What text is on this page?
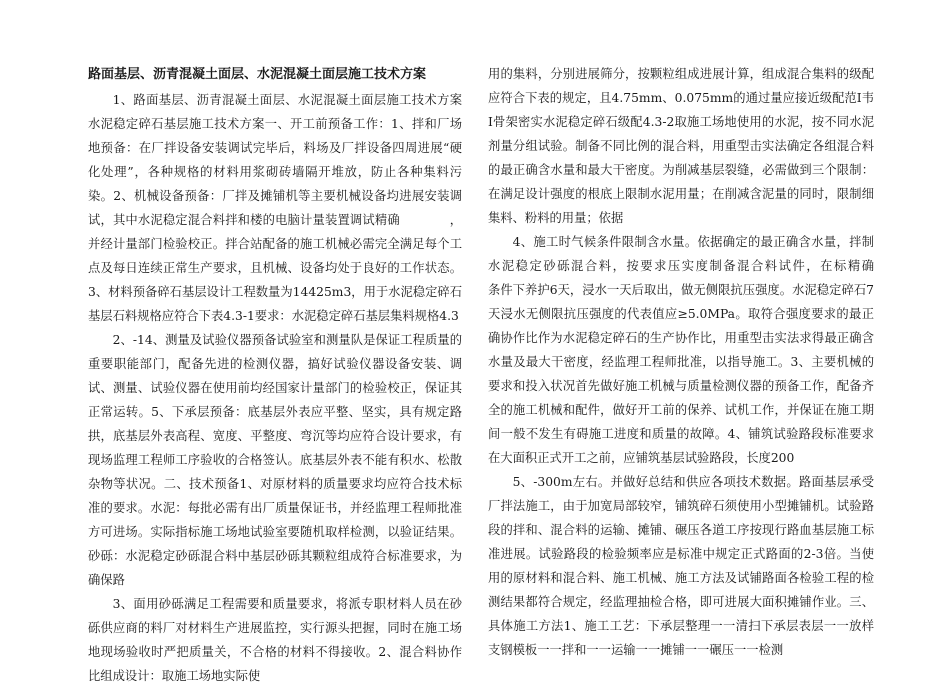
路面基层、沥青混凝土面层、水泥混凝土面层施工技术方案

1、路面基层、沥青混凝土面层、水泥混凝土面层施工技术方案水泥稳定碎石基层施工技术方案一、开工前预备工作：1、拌和厂场地预备：在厂拌设备安装调试完毕后，料场及厂拌设备四周进展“硬化处理”，各种规格的材料用浆砌砖墙隔开堆放，防止各种集料污染。2、机械设备预备：厂拌及摊铺机等主要机械设备均进展安装调试，其中水泥稳定混合料拌和楼的电脑计量装置调试精确　　　　，并经计量部门检验校正。拌合站配备的施工机械必需完全满足每个工点及每日连续正常生产要求，且机械、设备均处于良好的工作状态。3、材料预备碎石基层设计工程数量为14425m3，用于水泥稳定碎石基层石料规格应符合下表4.3-1要求：水泥稳定碎石基层集料规格4.3

2、-14、测量及试验仪器预备试验室和测量队是保证工程质量的重要职能部门，配备先进的检测仪器，搞好试验仪器设备安装、调试、测量、试验仪器在使用前均经国家计量部门的检验校正，保证其正常运转。5、下承层预备：底基层外表应平整、坚实，具有规定路拱，底基层外表高程、宽度、平整度、弯沉等均应符合设计要求，有现场监理工程师工序验收的合格签认。底基层外表不能有积水、松散杂物等状况。二、技术预备1、对原材料的质量要求均应符合技术标准的要求。水泥：每批必需有出厂质量保证书，并经监理工程师批准方可进场。实际指标施工场地试验室要随机取样检测，以验证结果。砂砾：水泥稳定砂砾混合料中基层砂砾其颗粒组成符合标准要求，为确保路

3、面用砂砾满足工程需要和质量要求，将派专职材料人员在砂砾供应商的料厂对材料生产进展监控，实行源头把握，同时在施工场地现场验收时严把质量关，不合格的材料不得接收。2、混合料协作比组成设计：取施工场地实际使

用的集料，分别进展筛分，按颗粒组成进展计算，组成混合集料的级配应符合下表的规定，且4.75mm、0.075mm的通过量应接近级配范Ⅰ韦Ⅰ骨架密实水泥稳定碎石级配4.3-2取施工场地使用的水泥，按不同水泥剂量分组试验。制备不同比例的混合料，用重型击实法确定各组混合料的最正确含水量和最大干密度。为削减基层裂缝，必需做到三个限制：在满足设计强度的根底上限制水泥用量；在削减含泥量的同时，限制细集料、粉料的用量；依据

4、施工时气候条件限制含水量。依据确定的最正确含水量，拌制水泥稳定砂砾混合料，按要求压实度制备混合料试件，在标精确　　　　　　条件下养护6天，浸水一天后取出，做无侧限抗压强度。水泥稳定碎石7天浸水无侧限抗压强度的代表值应≥5.0MPa。取符合强度要求的最正确协作比作为水泥稳定碎石的生产协作比，用重型击实法求得最正确含水量及最大干密度，经监理工程师批准，以指导施工。3、主要机械的要求和投入状况首先做好施工机械与质量检测仪器的预备工作，配备齐全的施工机械和配件，做好开工前的保养、试机工作，并保证在施工期间一般不发生有碍施工进度和质量的故障。4、铺筑试验路段标准要求在大面积正式开工之前，应铺筑基层试验路段，长度200

5、-300m左右。并做好总结和供应各项技术数据。路面基层承受厂拌法施工，由于加宽局部较窄，铺筑碎石须使用小型摊铺机。试验路段的拌和、混合料的运输、摊铺、碾压各道工序按现行路血基层施工标准进展。试验路段的检验频率应是标准中规定正式路面的2-3倍。当使用的原材料和混合料、施工机械、施工方法及试铺路面各检验工程的检测结果都符合规定，经监理抽检合格，即可进展大面积摊铺作业。三、具体施工方法1、施工工艺：下承层整理一一清扫下承层表层一一放样支钢模板一一拌和一一运输一一摊铺一一碾压一一检测
